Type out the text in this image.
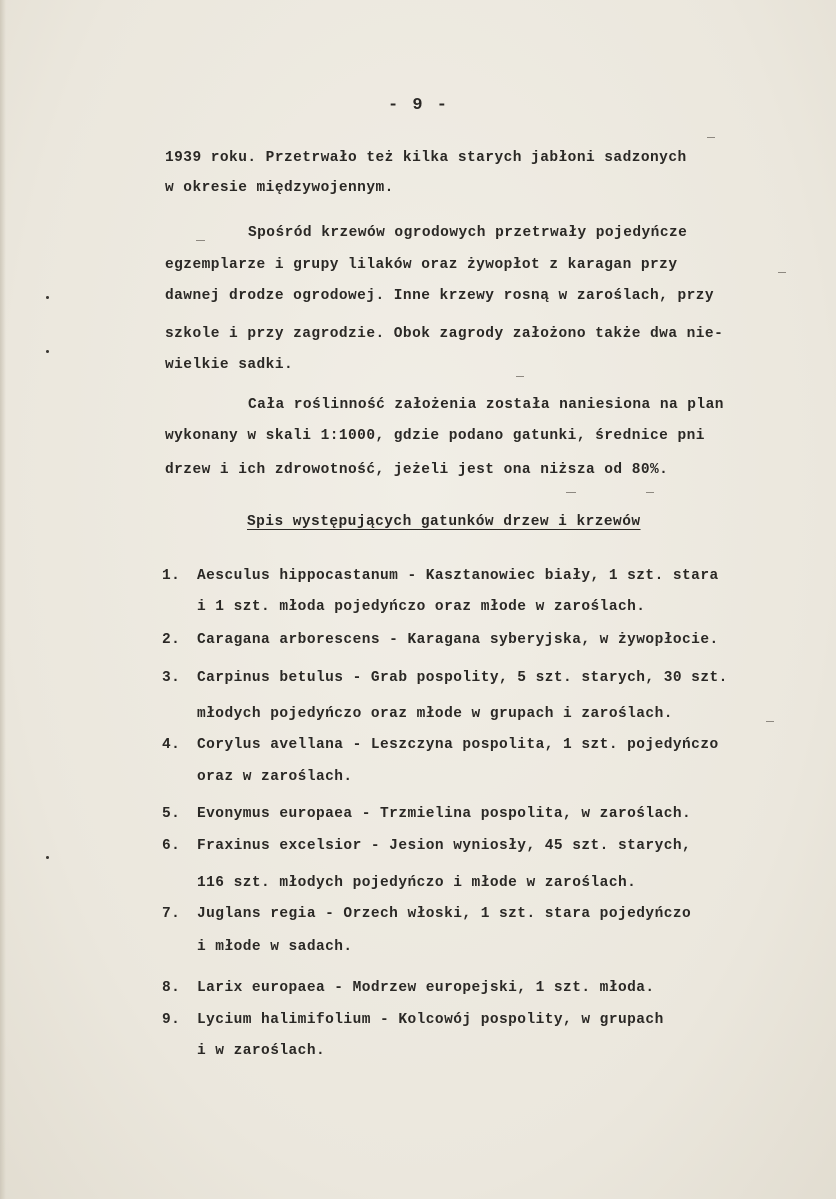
- 9 -
1939 roku. Przetrwało też kilka starych jabłoni sadzonych
w okresie międzywojennym.
Spośród krzewów ogrodowych przetrwały pojedyńcze
egzemplarze i grupy lilaków oraz żywopłot z karagan przy
dawnej drodze ogrodowej. Inne krzewy rosną w zaroślach, przy
szkole i przy zagrodzie. Obok zagrody założono także dwa nie-
wielkie sadki.
Cała roślinność założenia została naniesiona na plan
wykonany w skali 1:1000, gdzie podano gatunki, średnice pni
drzew i ich zdrowotność, jeżeli jest ona niższa od 80%.
Spis występujących gatunków drzew i krzewów
1. Aesculus hippocastanum - Kasztanowiec biały, 1 szt. stara
i 1 szt. młoda pojedyńczo oraz młode w zaroślach.
2. Caragana arborescens - Karagana syberyjska, w żywopłocie.
3. Carpinus betulus - Grab pospolity, 5 szt. starych, 30 szt.
młodych pojedyńczo oraz młode w grupach i zaroślach.
4. Corylus avellana - Leszczyna pospolita, 1 szt. pojedyńczo
oraz w zaroślach.
5. Evonymus europaea - Trzmielina pospolita, w zaroślach.
6. Fraxinus excelsior - Jesion wyniosły, 45 szt. starych,
116 szt. młodych pojedyńczo i młode w zaroślach.
7. Juglans regia - Orzech włoski, 1 szt. stara pojedyńczo
i młode w sadach.
8. Larix europaea - Modrzew europejski, 1 szt. młoda.
9. Lycium halimifolium - Kolcowój pospolity, w grupach
i w zaroślach.
